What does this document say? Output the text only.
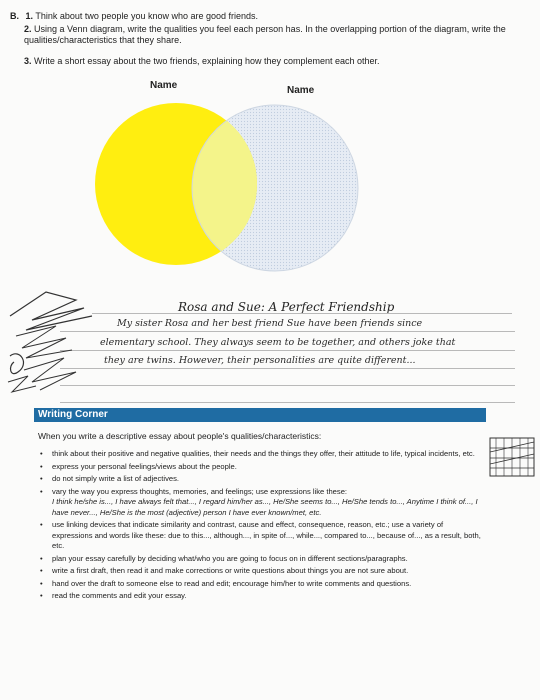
B. 1. Think about two people you know who are good friends.
2. Using a Venn diagram, write the qualities you feel each person has. In the overlapping portion of the diagram, write the qualities/characteristics that they share.
3. Write a short essay about the two friends, explaining how they complement each other.
Name	Name
Rosa and Sue: A Perfect Friendship
My sister Rosa and her best friend Sue have been friends since
elementary school. They always seem to be together, and others joke that
they are twins. However, their personalities are quite different...
Writing Corner
When you write a descriptive essay about people's qualities/characteristics:
• think about their positive and negative qualities, their needs and the things they offer, their attitude to life, typical incidents, etc.
• express your personal feelings/views about the people.
• do not simply write a list of adjectives.
• vary the way you express thoughts, memories, and feelings; use expressions like these:
I think he/she is..., I have always felt that..., I regard him/her as..., He/She seems to..., He/She tends to..., Anytime I think of..., I have never..., He/She is the most (adjective) person I have ever known/met, etc.
• use linking devices that indicate similarity and contrast, cause and effect, consequence, reason, etc.; use a variety of expressions and words like these: due to this..., although..., in spite of..., while..., compared to..., because of..., as a result, both, etc.
• plan your essay carefully by deciding what/who you are going to focus on in different sections/paragraphs.
• write a first draft, then read it and make corrections or write questions about things you are not sure about.
• hand over the draft to someone else to read and edit; encourage him/her to write comments and questions.
• read the comments and edit your essay.
